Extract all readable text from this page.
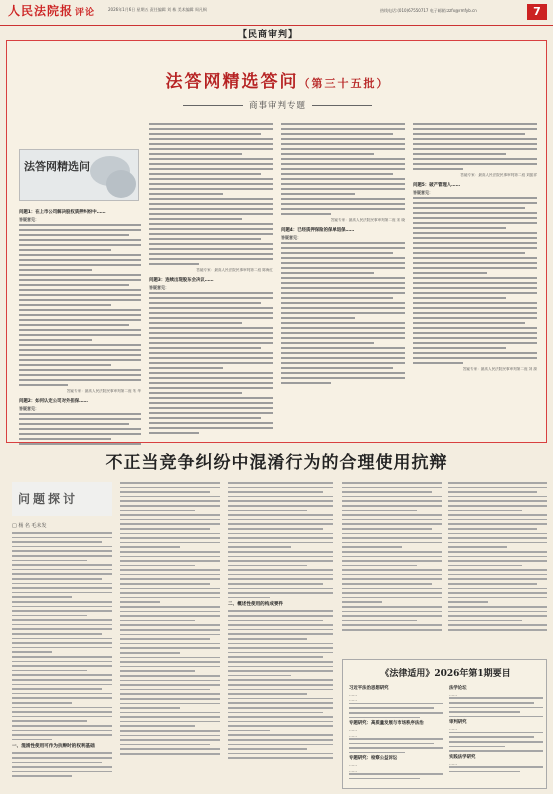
人民法院报 评论	2026年1月6日 星期五 责任编辑 刘 栋 美术编辑 周凡枫	热线电话:(010)67550717 电子邮箱:zzfx@rmfyb.cn	7
【民商审判】
法答网精选答问（第三十五批）
商事审判专题
法答网精选问
问题1：在上市公司解决股权质押纠纷中……
答疑意见：
答疑专家：最高人民法院民事审判第二庭 朱 华
问题2：如何认定公司对外担保……
答疑意见：
答疑专家：最高人民法院民事审判第二庭 陈海红
问题3：连续出现股东会决议……
答疑意见：
答疑专家：最高人民法院民事审判第二庭 宋 晓
问题4：已经质押保险的保单退保……
答疑意见：
答疑专家：最高人民法院民事审判第二庭 刘振祥
问题5：破产管理人……
答疑意见：
答疑专家：最高人民法院民事审判第二庭 刘 源
不正当竞争纠纷中混淆行为的合理使用抗辩
问题探讨
□ 杨 名 毛未发
一、混淆性使用可作为抗辩时的权利基础
二、概述性使用的构成要件
《法律适用》2026年第1期要目
习近平法治思想研究
……
……
专题研究：高质量发展与市场秩序法治
……
……
专题研究：检察公益诉讼
……
……
法学论坛
……
审判研究
……
实践法学研究
……
